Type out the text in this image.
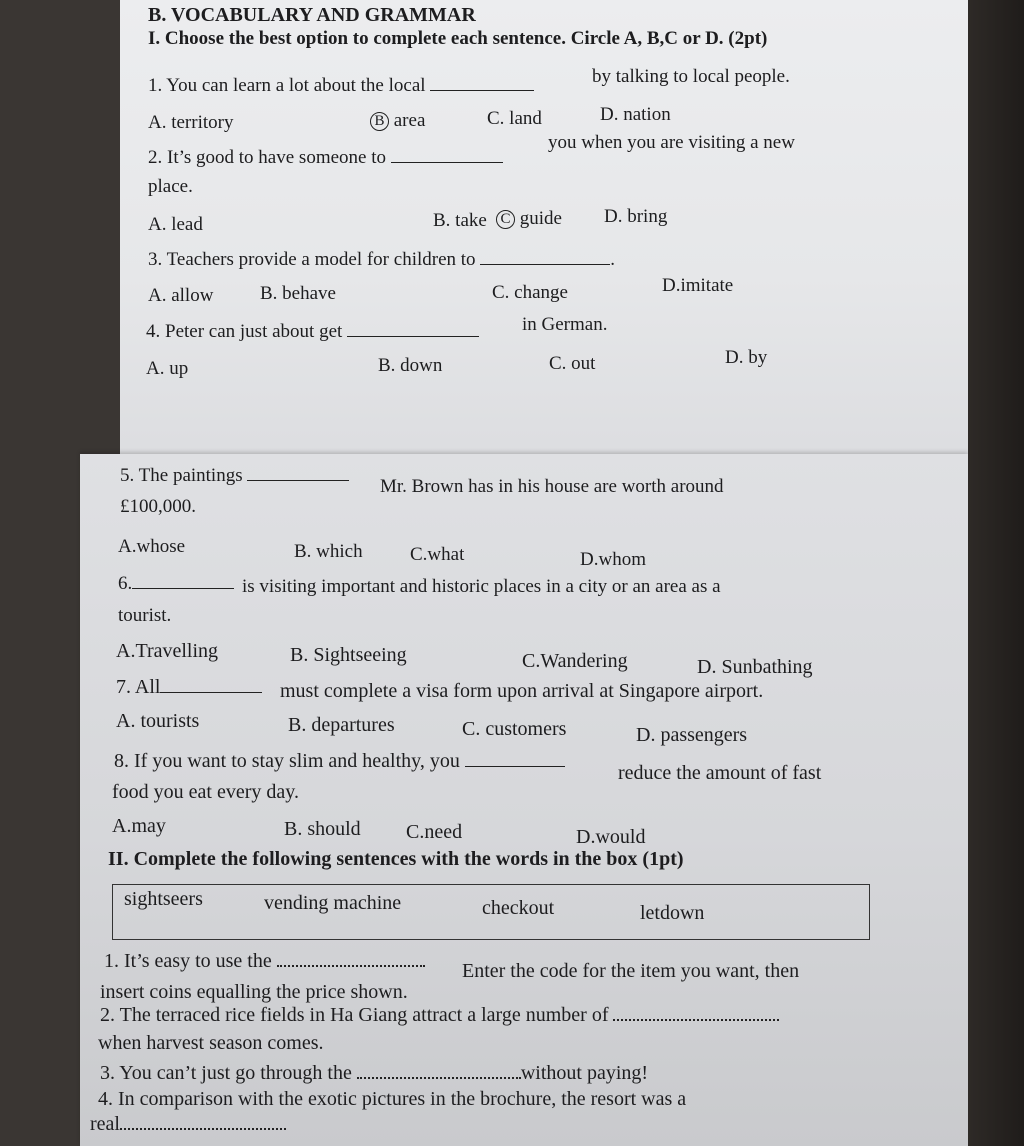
B. VOCABULARY AND GRAMMAR
I. Choose the best option to complete each sentence. Circle A, B,C or D. (2pt)
1. You can learn a lot about the local	by talking to local people.
A. territory	B area	C. land	D. nation
2. It’s good to have someone to
you when you are visiting a new
place.
A. lead	B. take C guide D. bring
3. Teachers provide a model for children to	.
A. allow B. behave	C. change	D.imitate
4. Peter can just about get	in German.
A. up	B. down	C. out	D. by
5. The paintings
Mr. Brown has in his house are worth around
£100,000.
A.whose	B. which C.what	D.whom
6.	is visiting important and historic places in a city or an area as a
tourist.
A.Travelling	B. Sightseeing	C.Wandering	D. Sunbathing
7. All	must complete a visa form upon arrival at Singapore airport.
A. tourists	B. departures	C. customers	D. passengers
8. If you want to stay slim and healthy, you
reduce the amount of fast
food you eat every day.
A.may	B. should C.need	D.would
II. Complete the following sentences with the words in the box (1pt)
sightseers	vending machine	checkout	letdown
1. It’s easy to use the	Enter the code for the item you want, then
insert coins equalling the price shown.
2. The terraced rice fields in Ha Giang attract a large number of
when harvest season comes.
3. You can’t just go through the	without paying!
4. In comparison with the exotic pictures in the brochure, the resort was a
real
